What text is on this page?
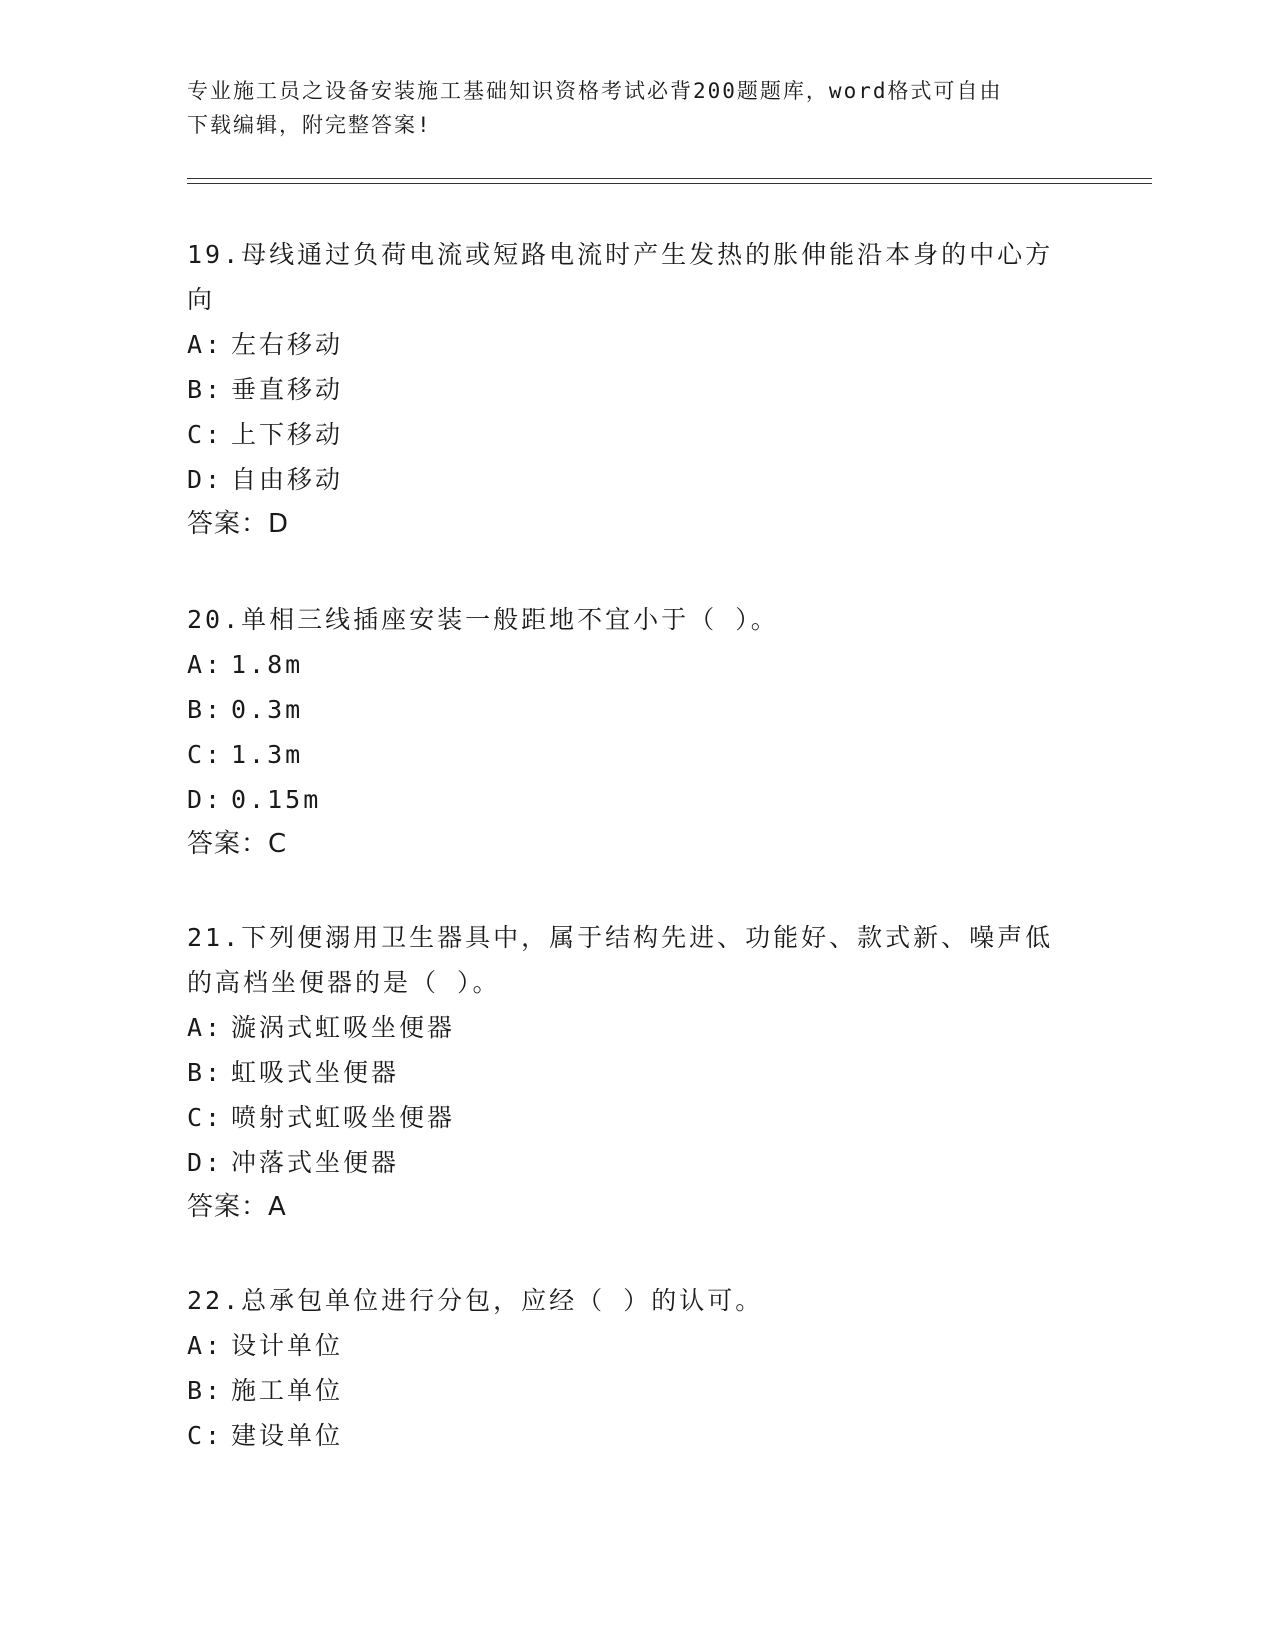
专业施工员之设备安装施工基础知识资格考试必背200题题库，word格式可自由
下载编辑，附完整答案!
19.母线通过负荷电流或短路电流时产生发热的胀伸能沿本身的中心方
向
A: 左右移动
B: 垂直移动
C: 上下移动
D: 自由移动
答案：D
20.单相三线插座安装一般距地不宜小于（ ）。
A: 1.8m
B: 0.3m
C: 1.3m
D: 0.15m
答案：C
21.下列便溺用卫生器具中，属于结构先进、功能好、款式新、噪声低
的高档坐便器的是（ ）。
A: 漩涡式虹吸坐便器
B: 虹吸式坐便器
C: 喷射式虹吸坐便器
D: 冲落式坐便器
答案：A
22.总承包单位进行分包，应经（ ）的认可。
A: 设计单位
B: 施工单位
C: 建设单位
